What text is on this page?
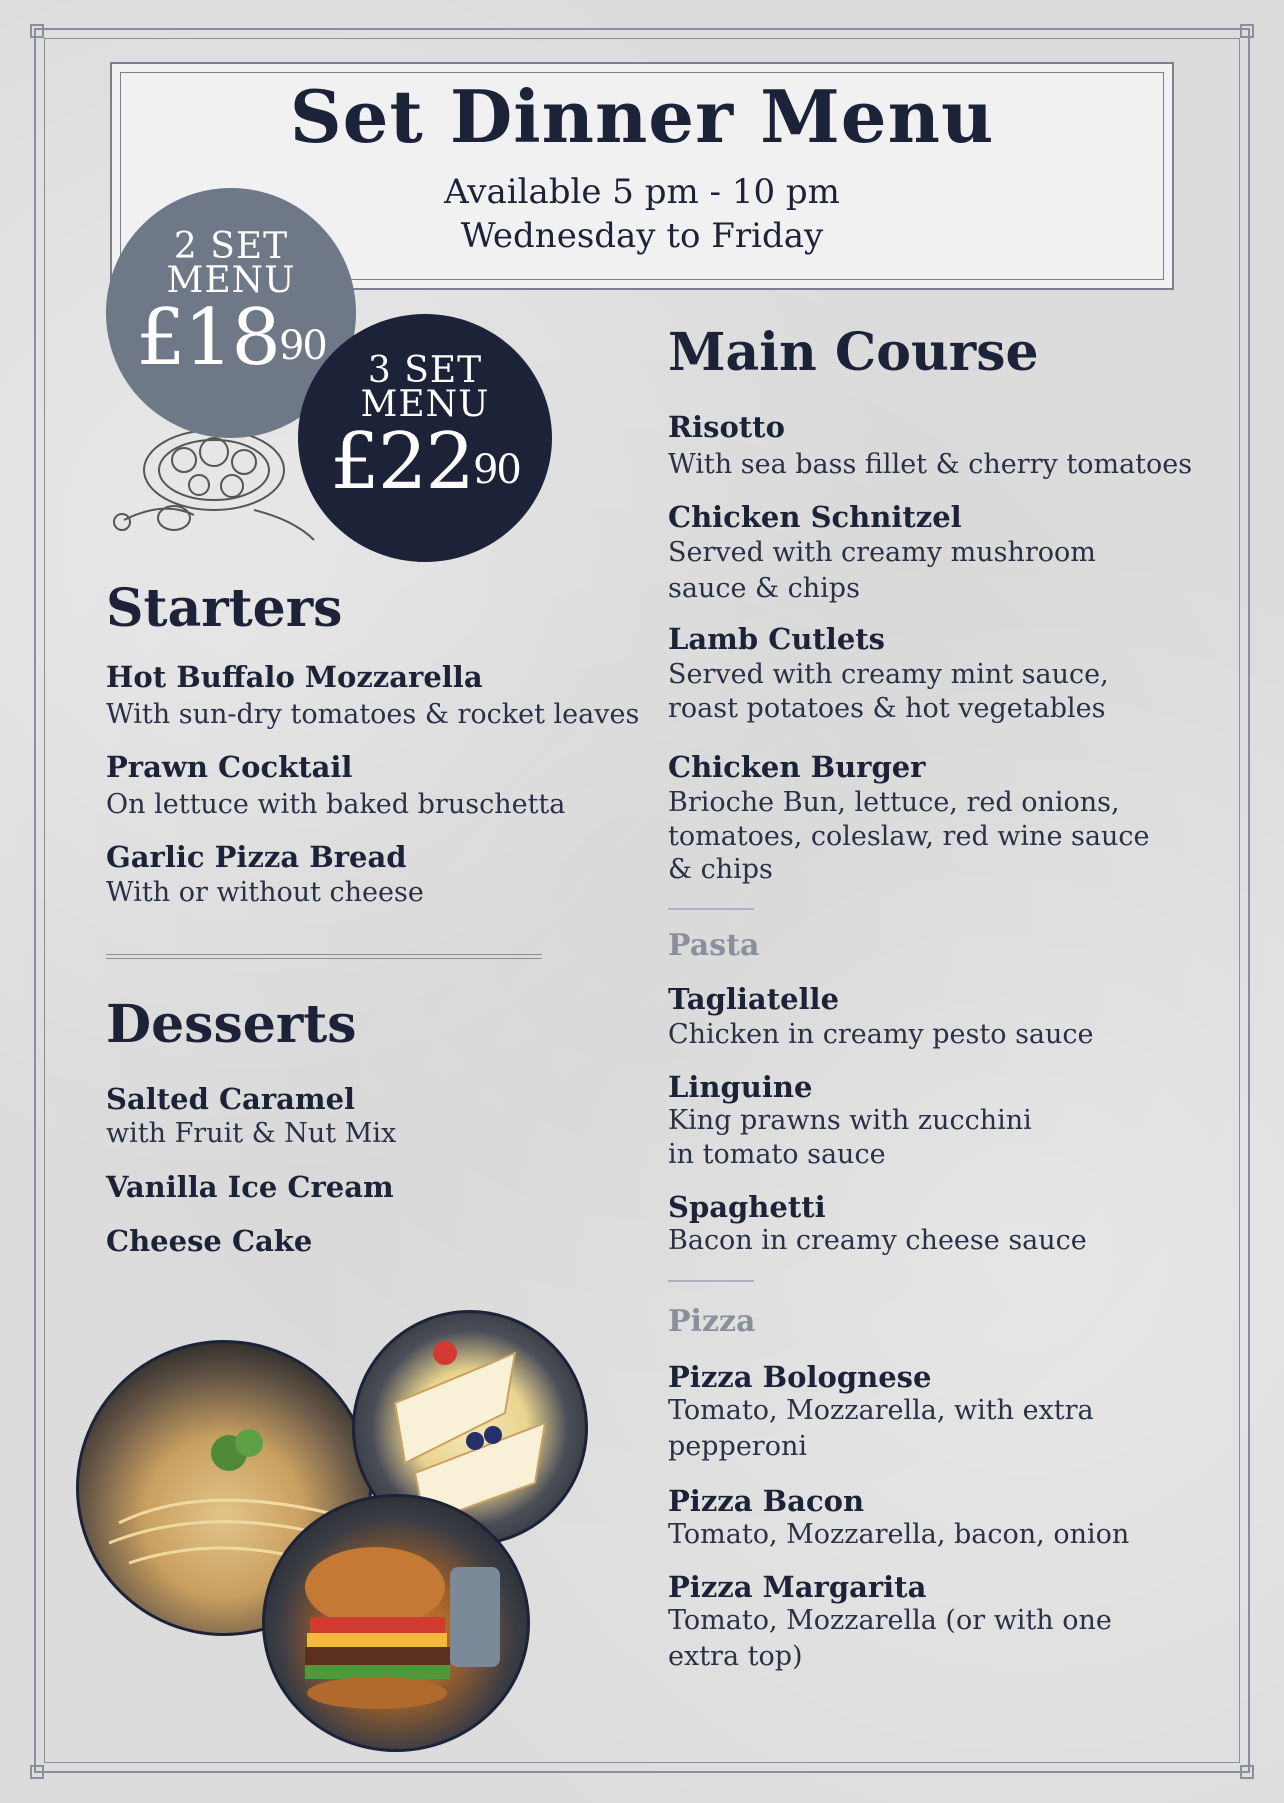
Set Dinner Menu
Available 5 pm - 10 pm
Wednesday to Friday
2 SET
MENU
$£18^{90}$
3 SET
MENU
$£22^{90}$
Starters
Hot Buffalo Mozzarella
With sun-dry tomatoes & rocket leaves
Prawn Cocktail
On lettuce with baked bruschetta
Garlic Pizza Bread
With or without cheese
Desserts
Salted Caramel
with Fruit & Nut Mix
Vanilla Ice Cream
Cheese Cake
Main Course
Risotto
With sea bass fillet & cherry tomatoes
Chicken Schnitzel
Served with creamy mushroom
sauce & chips
Lamb Cutlets
Served with creamy mint sauce,
roast potatoes & hot vegetables
Chicken Burger
Brioche Bun, lettuce, red onions,
tomatoes, coleslaw, red wine sauce
& chips
Pasta
Tagliatelle
Chicken in creamy pesto sauce
Linguine
King prawns with zucchini
in tomato sauce
Spaghetti
Bacon in creamy cheese sauce
Pizza
Pizza Bolognese
Tomato, Mozzarella, with extra
pepperoni
Pizza Bacon
Tomato, Mozzarella, bacon, onion
Pizza Margarita
Tomato, Mozzarella (or with one
extra top)
